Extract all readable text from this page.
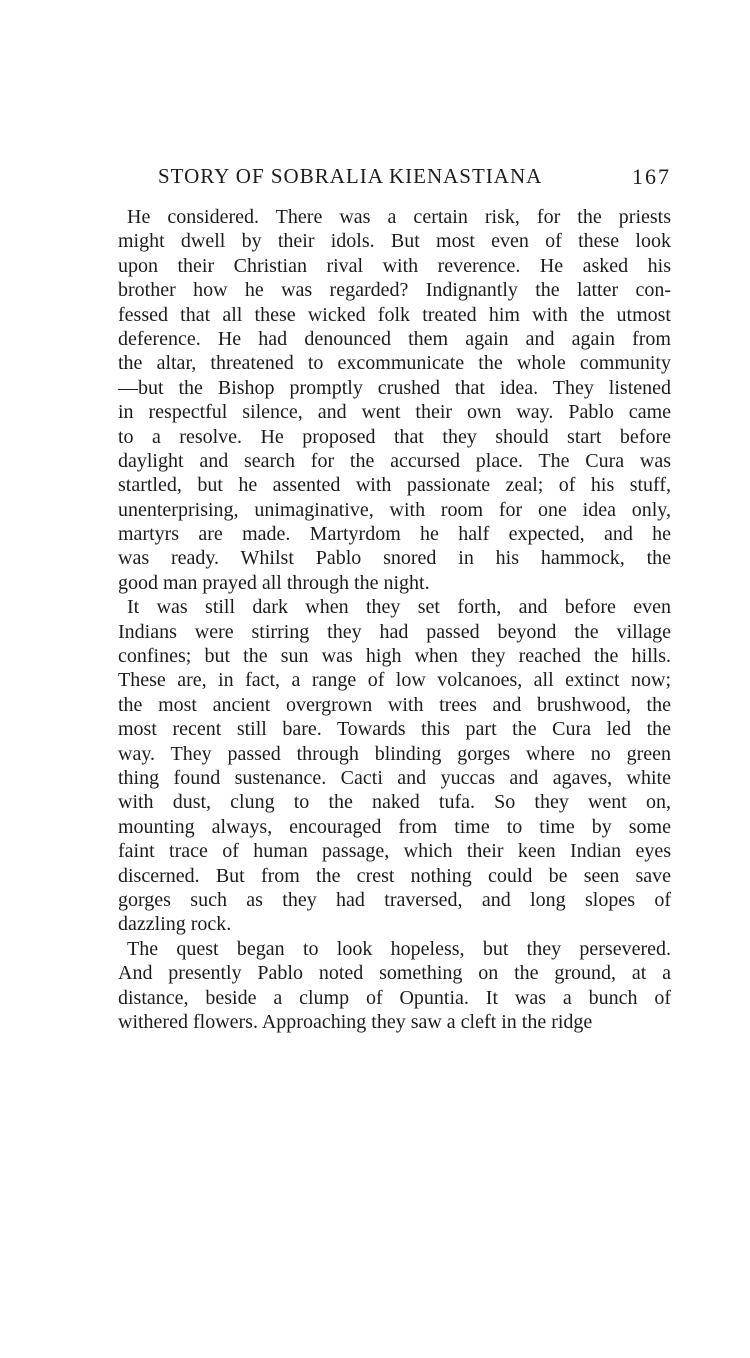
STORY OF SOBRALIA KIENASTIANA	167
He considered. There was a certain risk, for the priests
might dwell by their idols. But most even of these look
upon their Christian rival with reverence. He asked his
brother how he was regarded? Indignantly the latter con-
fessed that all these wicked folk treated him with the utmost
deference. He had denounced them again and again from
the altar, threatened to excommunicate the whole community
—but the Bishop promptly crushed that idea. They listened
in respectful silence, and went their own way. Pablo came
to a resolve. He proposed that they should start before
daylight and search for the accursed place. The Cura was
startled, but he assented with passionate zeal; of his stuff,
unenterprising, unimaginative, with room for one idea only,
martyrs are made. Martyrdom he half expected, and he
was ready. Whilst Pablo snored in his hammock, the
good man prayed all through the night.
It was still dark when they set forth, and before even
Indians were stirring they had passed beyond the village
confines; but the sun was high when they reached the hills.
These are, in fact, a range of low volcanoes, all extinct now;
the most ancient overgrown with trees and brushwood, the
most recent still bare. Towards this part the Cura led the
way. They passed through blinding gorges where no green
thing found sustenance. Cacti and yuccas and agaves, white
with dust, clung to the naked tufa. So they went on,
mounting always, encouraged from time to time by some
faint trace of human passage, which their keen Indian eyes
discerned. But from the crest nothing could be seen save
gorges such as they had traversed, and long slopes of
dazzling rock.
The quest began to look hopeless, but they persevered.
And presently Pablo noted something on the ground, at a
distance, beside a clump of Opuntia. It was a bunch of
withered flowers. Approaching they saw a cleft in the ridge
